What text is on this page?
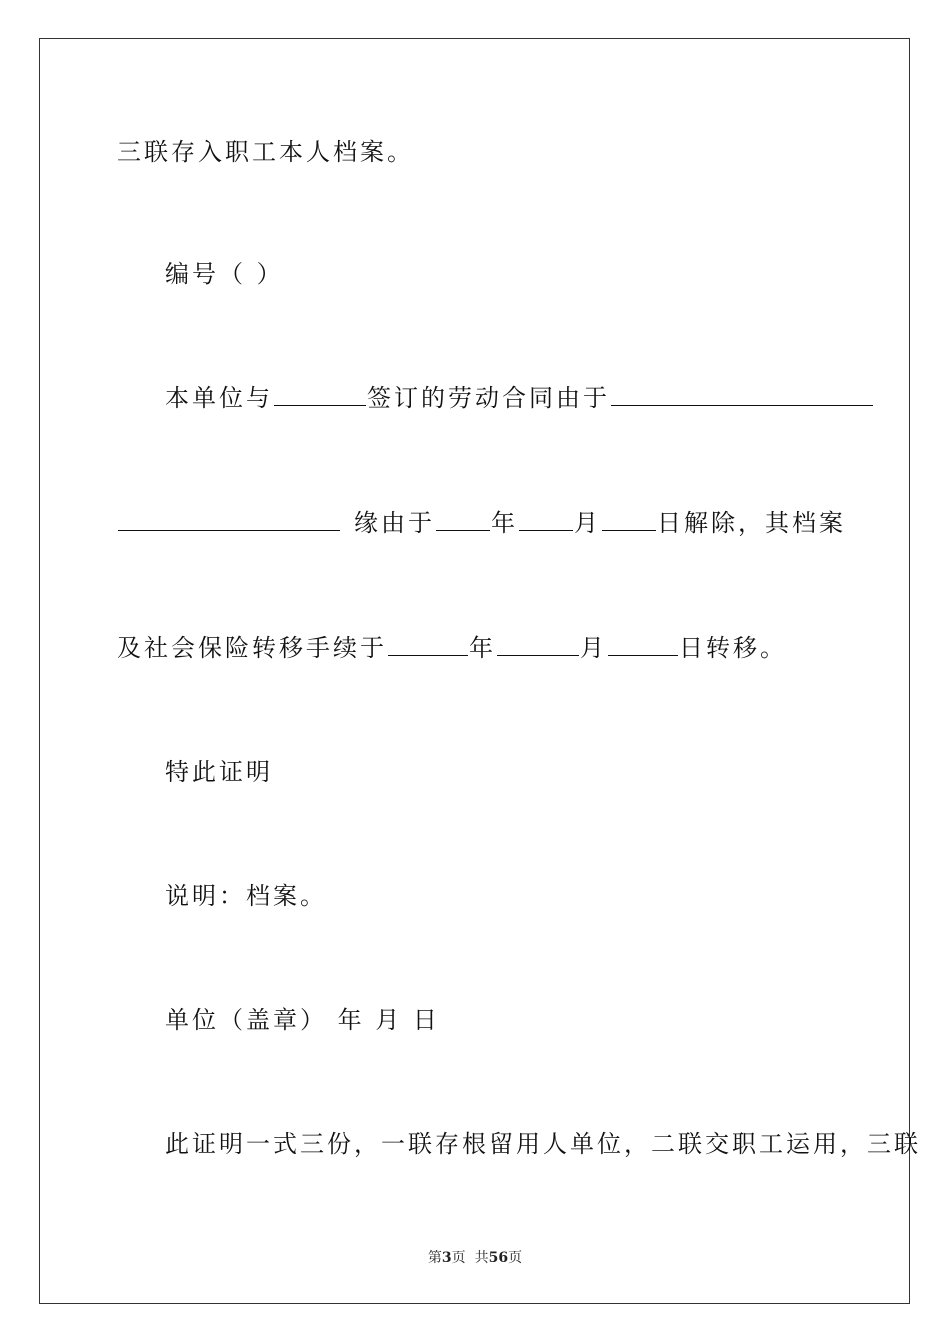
三联存入职工本人档案。
编号（ ）
本单位与	签订的劳动合同由于
缘由于 年 月 日解除，其档案
及社会保险转移手续于	年	月	日转移。
特此证明
说明：档案。
单位（盖章） 年 月 日
此证明一式三份，一联存根留用人单位，二联交职工运用，三联
第3页  共56页
